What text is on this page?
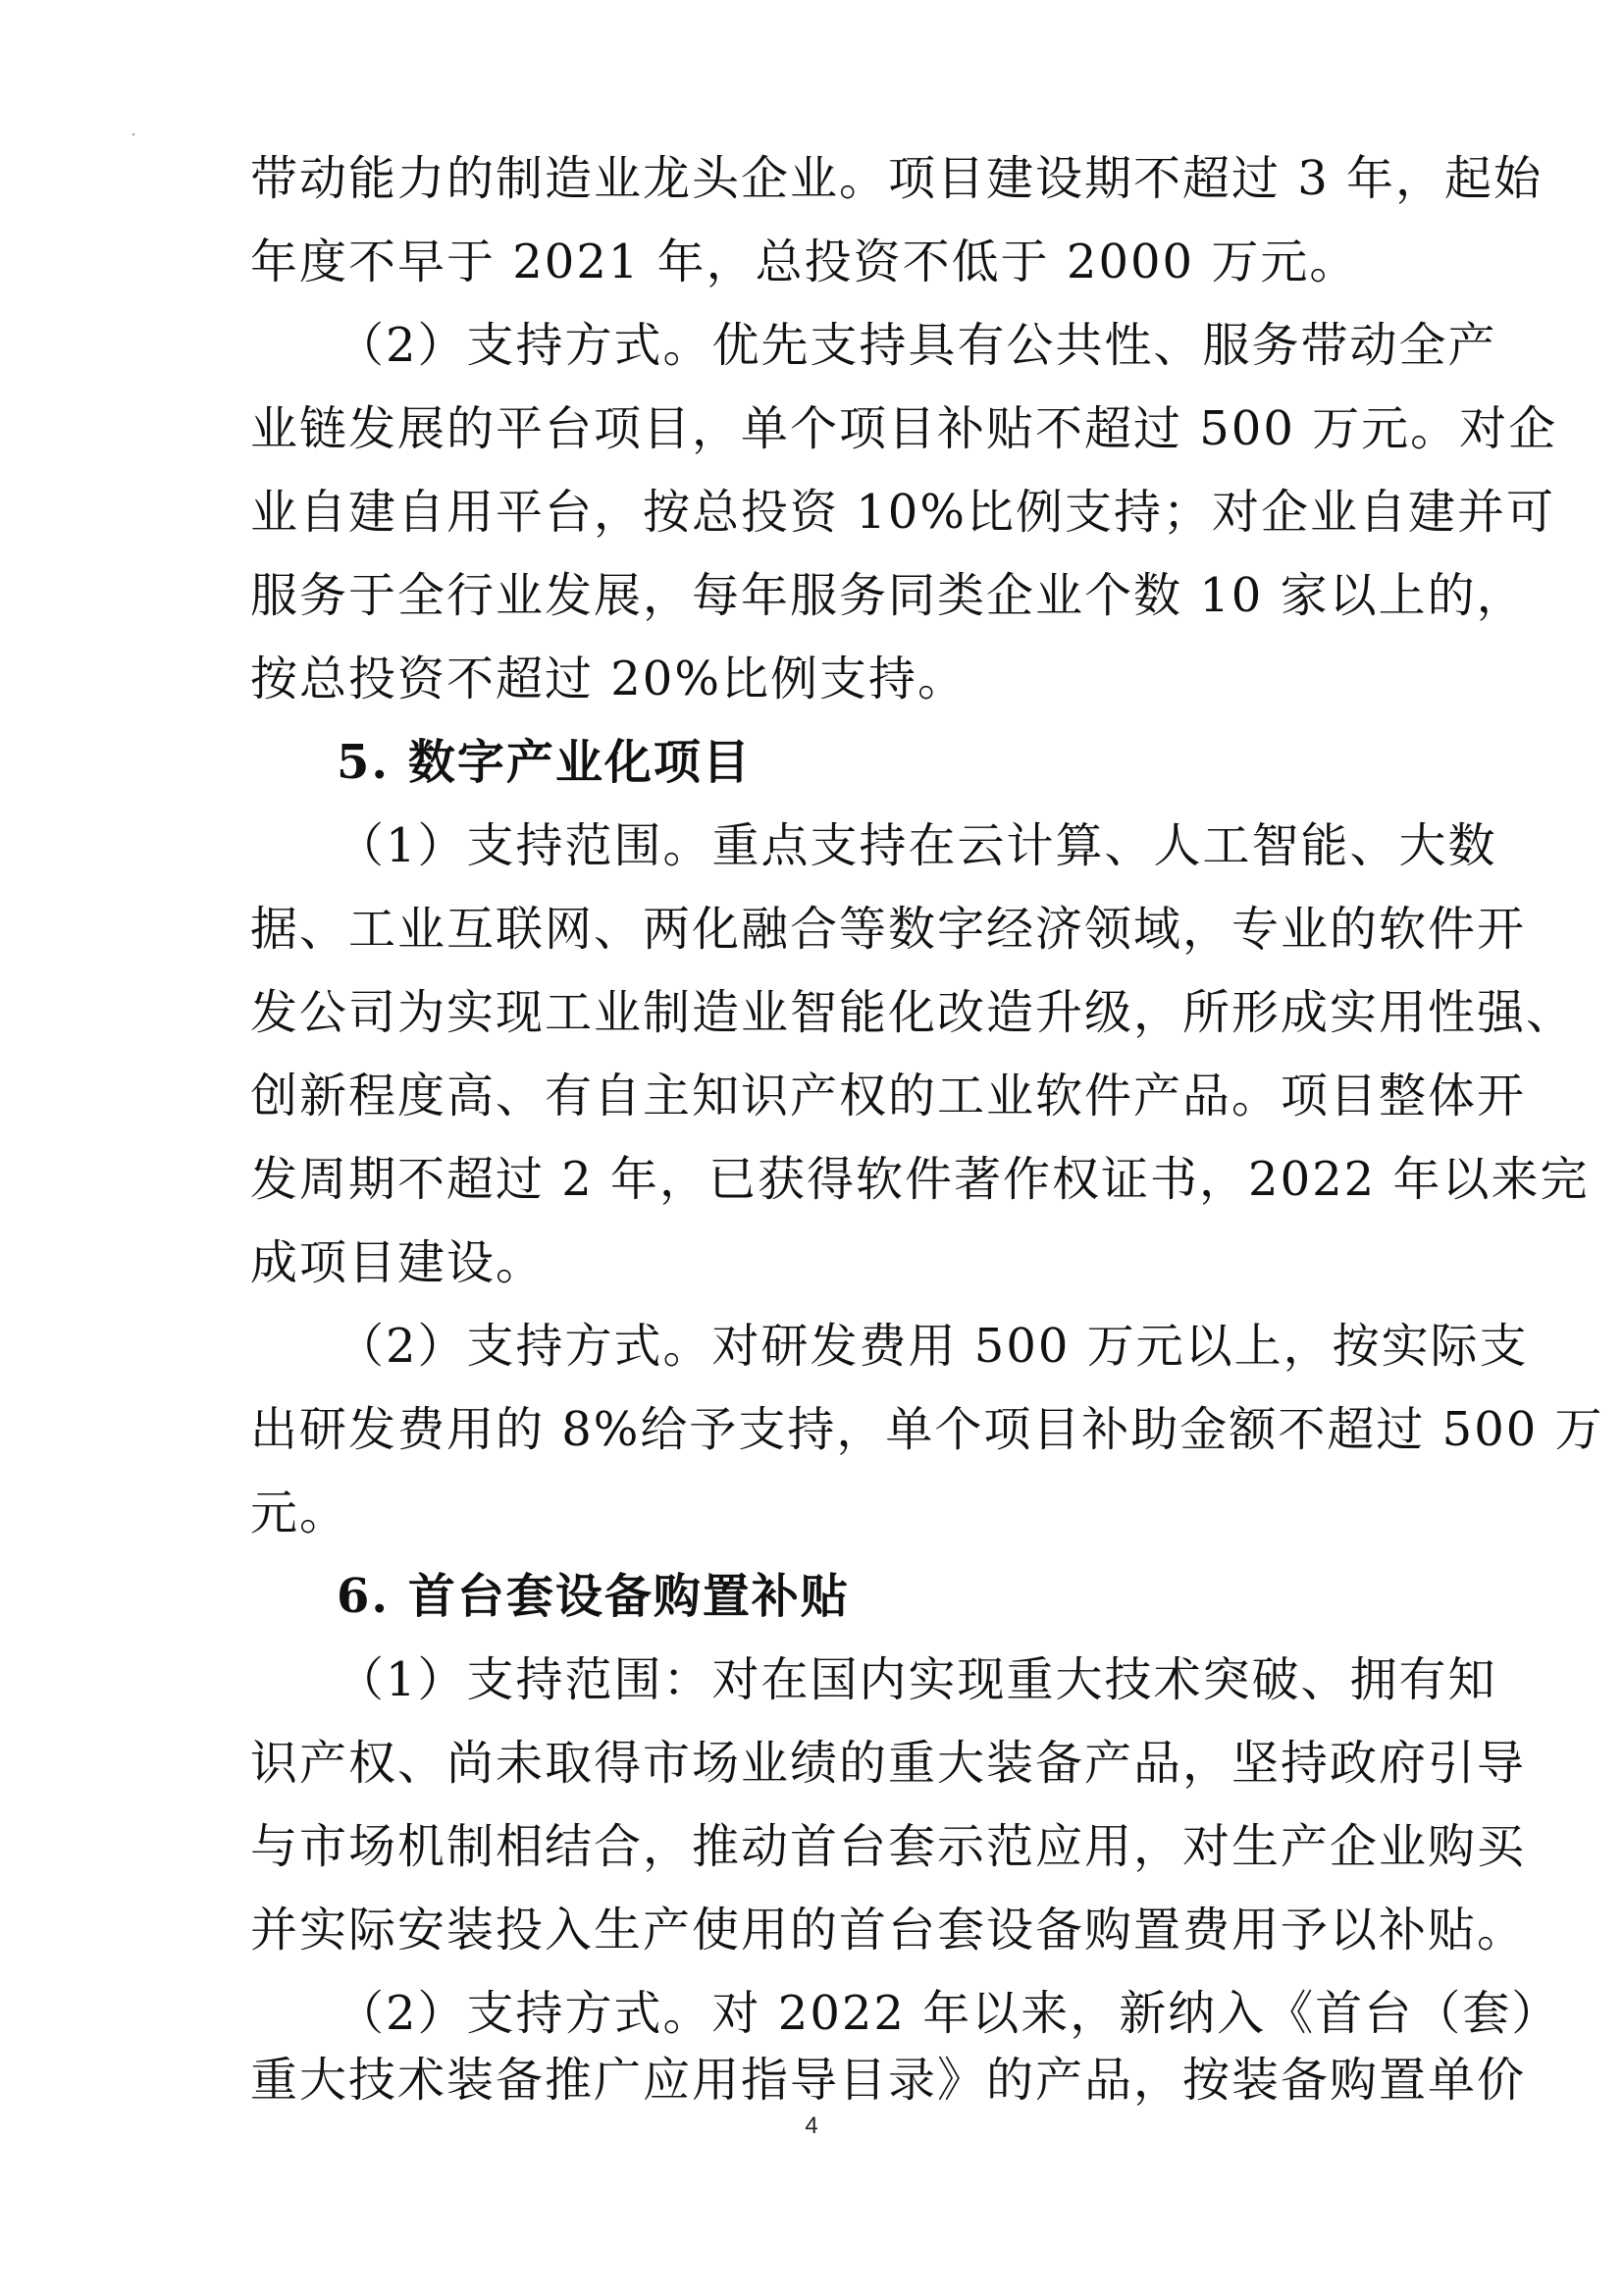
带动能力的制造业龙头企业。项目建设期不超过 3 年，起始
年度不早于 2021 年，总投资不低于 2000 万元。
（2）支持方式。优先支持具有公共性、服务带动全产
业链发展的平台项目，单个项目补贴不超过 500 万元。对企
业自建自用平台，按总投资 10%比例支持；对企业自建并可
服务于全行业发展，每年服务同类企业个数 10 家以上的，
按总投资不超过 20%比例支持。
5. 数字产业化项目
（1）支持范围。重点支持在云计算、人工智能、大数
据、工业互联网、两化融合等数字经济领域，专业的软件开
发公司为实现工业制造业智能化改造升级，所形成实用性强、
创新程度高、有自主知识产权的工业软件产品。项目整体开
发周期不超过 2 年，已获得软件著作权证书，2022 年以来完
成项目建设。
（2）支持方式。对研发费用 500 万元以上，按实际支
出研发费用的 8%给予支持，单个项目补助金额不超过 500 万
元。
6. 首台套设备购置补贴
（1）支持范围：对在国内实现重大技术突破、拥有知
识产权、尚未取得市场业绩的重大装备产品，坚持政府引导
与市场机制相结合，推动首台套示范应用，对生产企业购买
并实际安装投入生产使用的首台套设备购置费用予以补贴。
（2）支持方式。对 2022 年以来，新纳入《首台（套）
重大技术装备推广应用指导目录》的产品，按装备购置单价
4
